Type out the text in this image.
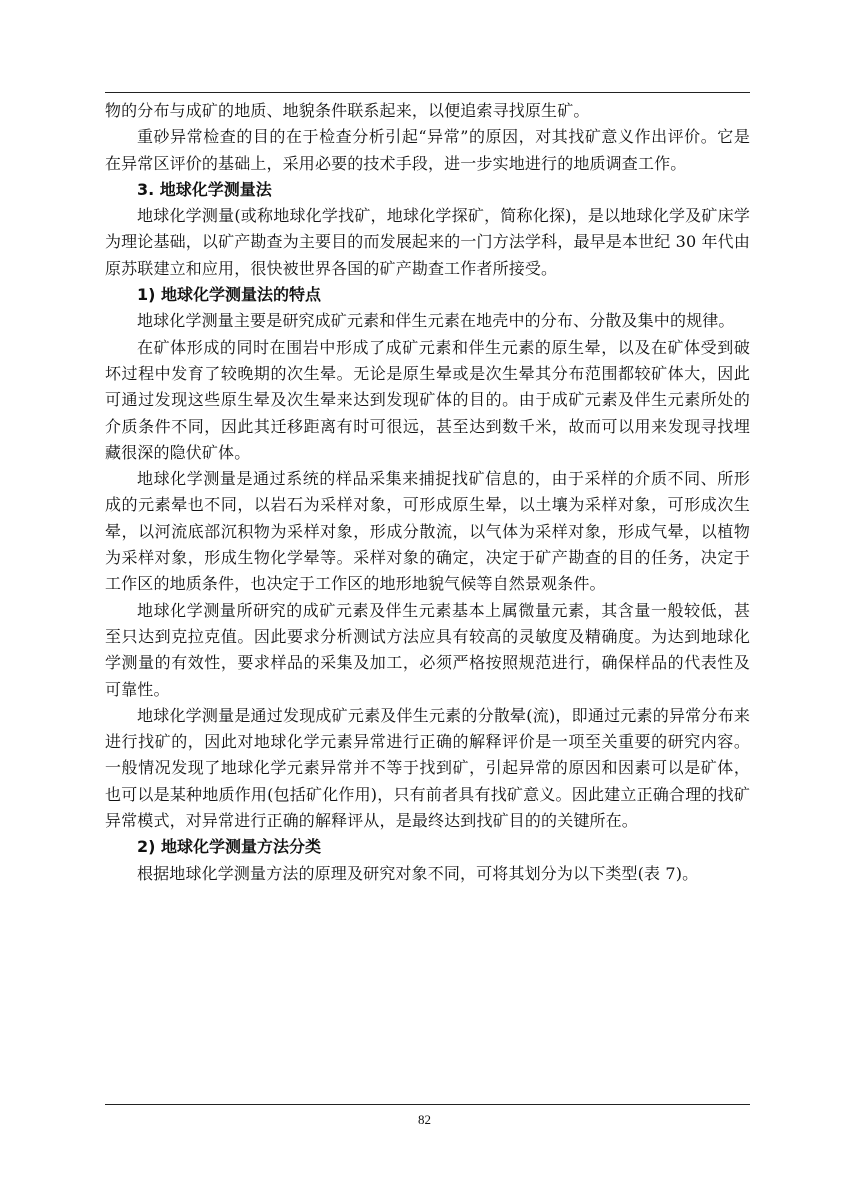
物的分布与成矿的地质、地貌条件联系起来，以便追索寻找原生矿。

重砂异常检查的目的在于检查分析引起“异常”的原因，对其找矿意义作出评价。它是在异常区评价的基础上，采用必要的技术手段，进一步实地进行的地质调查工作。

3. 地球化学测量法

地球化学测量(或称地球化学找矿，地球化学探矿，简称化探)，是以地球化学及矿床学为理论基础，以矿产勘查为主要目的而发展起来的一门方法学科，最早是本世纪 30 年代由原苏联建立和应用，很快被世界各国的矿产勘查工作者所接受。

1) 地球化学测量法的特点

地球化学测量主要是研究成矿元素和伴生元素在地壳中的分布、分散及集中的规律。

在矿体形成的同时在围岩中形成了成矿元素和伴生元素的原生晕，以及在矿体受到破坏过程中发育了较晚期的次生晕。无论是原生晕或是次生晕其分布范围都较矿体大，因此可通过发现这些原生晕及次生晕来达到发现矿体的目的。由于成矿元素及伴生元素所处的介质条件不同，因此其迁移距离有时可很远，甚至达到数千米，故而可以用来发现寻找埋藏很深的隐伏矿体。

地球化学测量是通过系统的样品采集来捕捉找矿信息的，由于采样的介质不同、所形成的元素晕也不同，以岩石为采样对象，可形成原生晕，以土壤为采样对象，可形成次生晕，以河流底部沉积物为采样对象，形成分散流，以气体为采样对象，形成气晕，以植物为采样对象，形成生物化学晕等。采样对象的确定，决定于矿产勘查的目的任务，决定于工作区的地质条件，也决定于工作区的地形地貌气候等自然景观条件。

地球化学测量所研究的成矿元素及伴生元素基本上属微量元素，其含量一般较低，甚至只达到克拉克值。因此要求分析测试方法应具有较高的灵敏度及精确度。为达到地球化学测量的有效性，要求样品的采集及加工，必须严格按照规范进行，确保样品的代表性及可靠性。

地球化学测量是通过发现成矿元素及伴生元素的分散晕(流)，即通过元素的异常分布来进行找矿的，因此对地球化学元素异常进行正确的解释评价是一项至关重要的研究内容。一般情况发现了地球化学元素异常并不等于找到矿，引起异常的原因和因素可以是矿体，也可以是某种地质作用(包括矿化作用)，只有前者具有找矿意义。因此建立正确合理的找矿异常模式，对异常进行正确的解释评从，是最终达到找矿目的的关键所在。

2) 地球化学测量方法分类

根据地球化学测量方法的原理及研究对象不同，可将其划分为以下类型(表 7)。

82
